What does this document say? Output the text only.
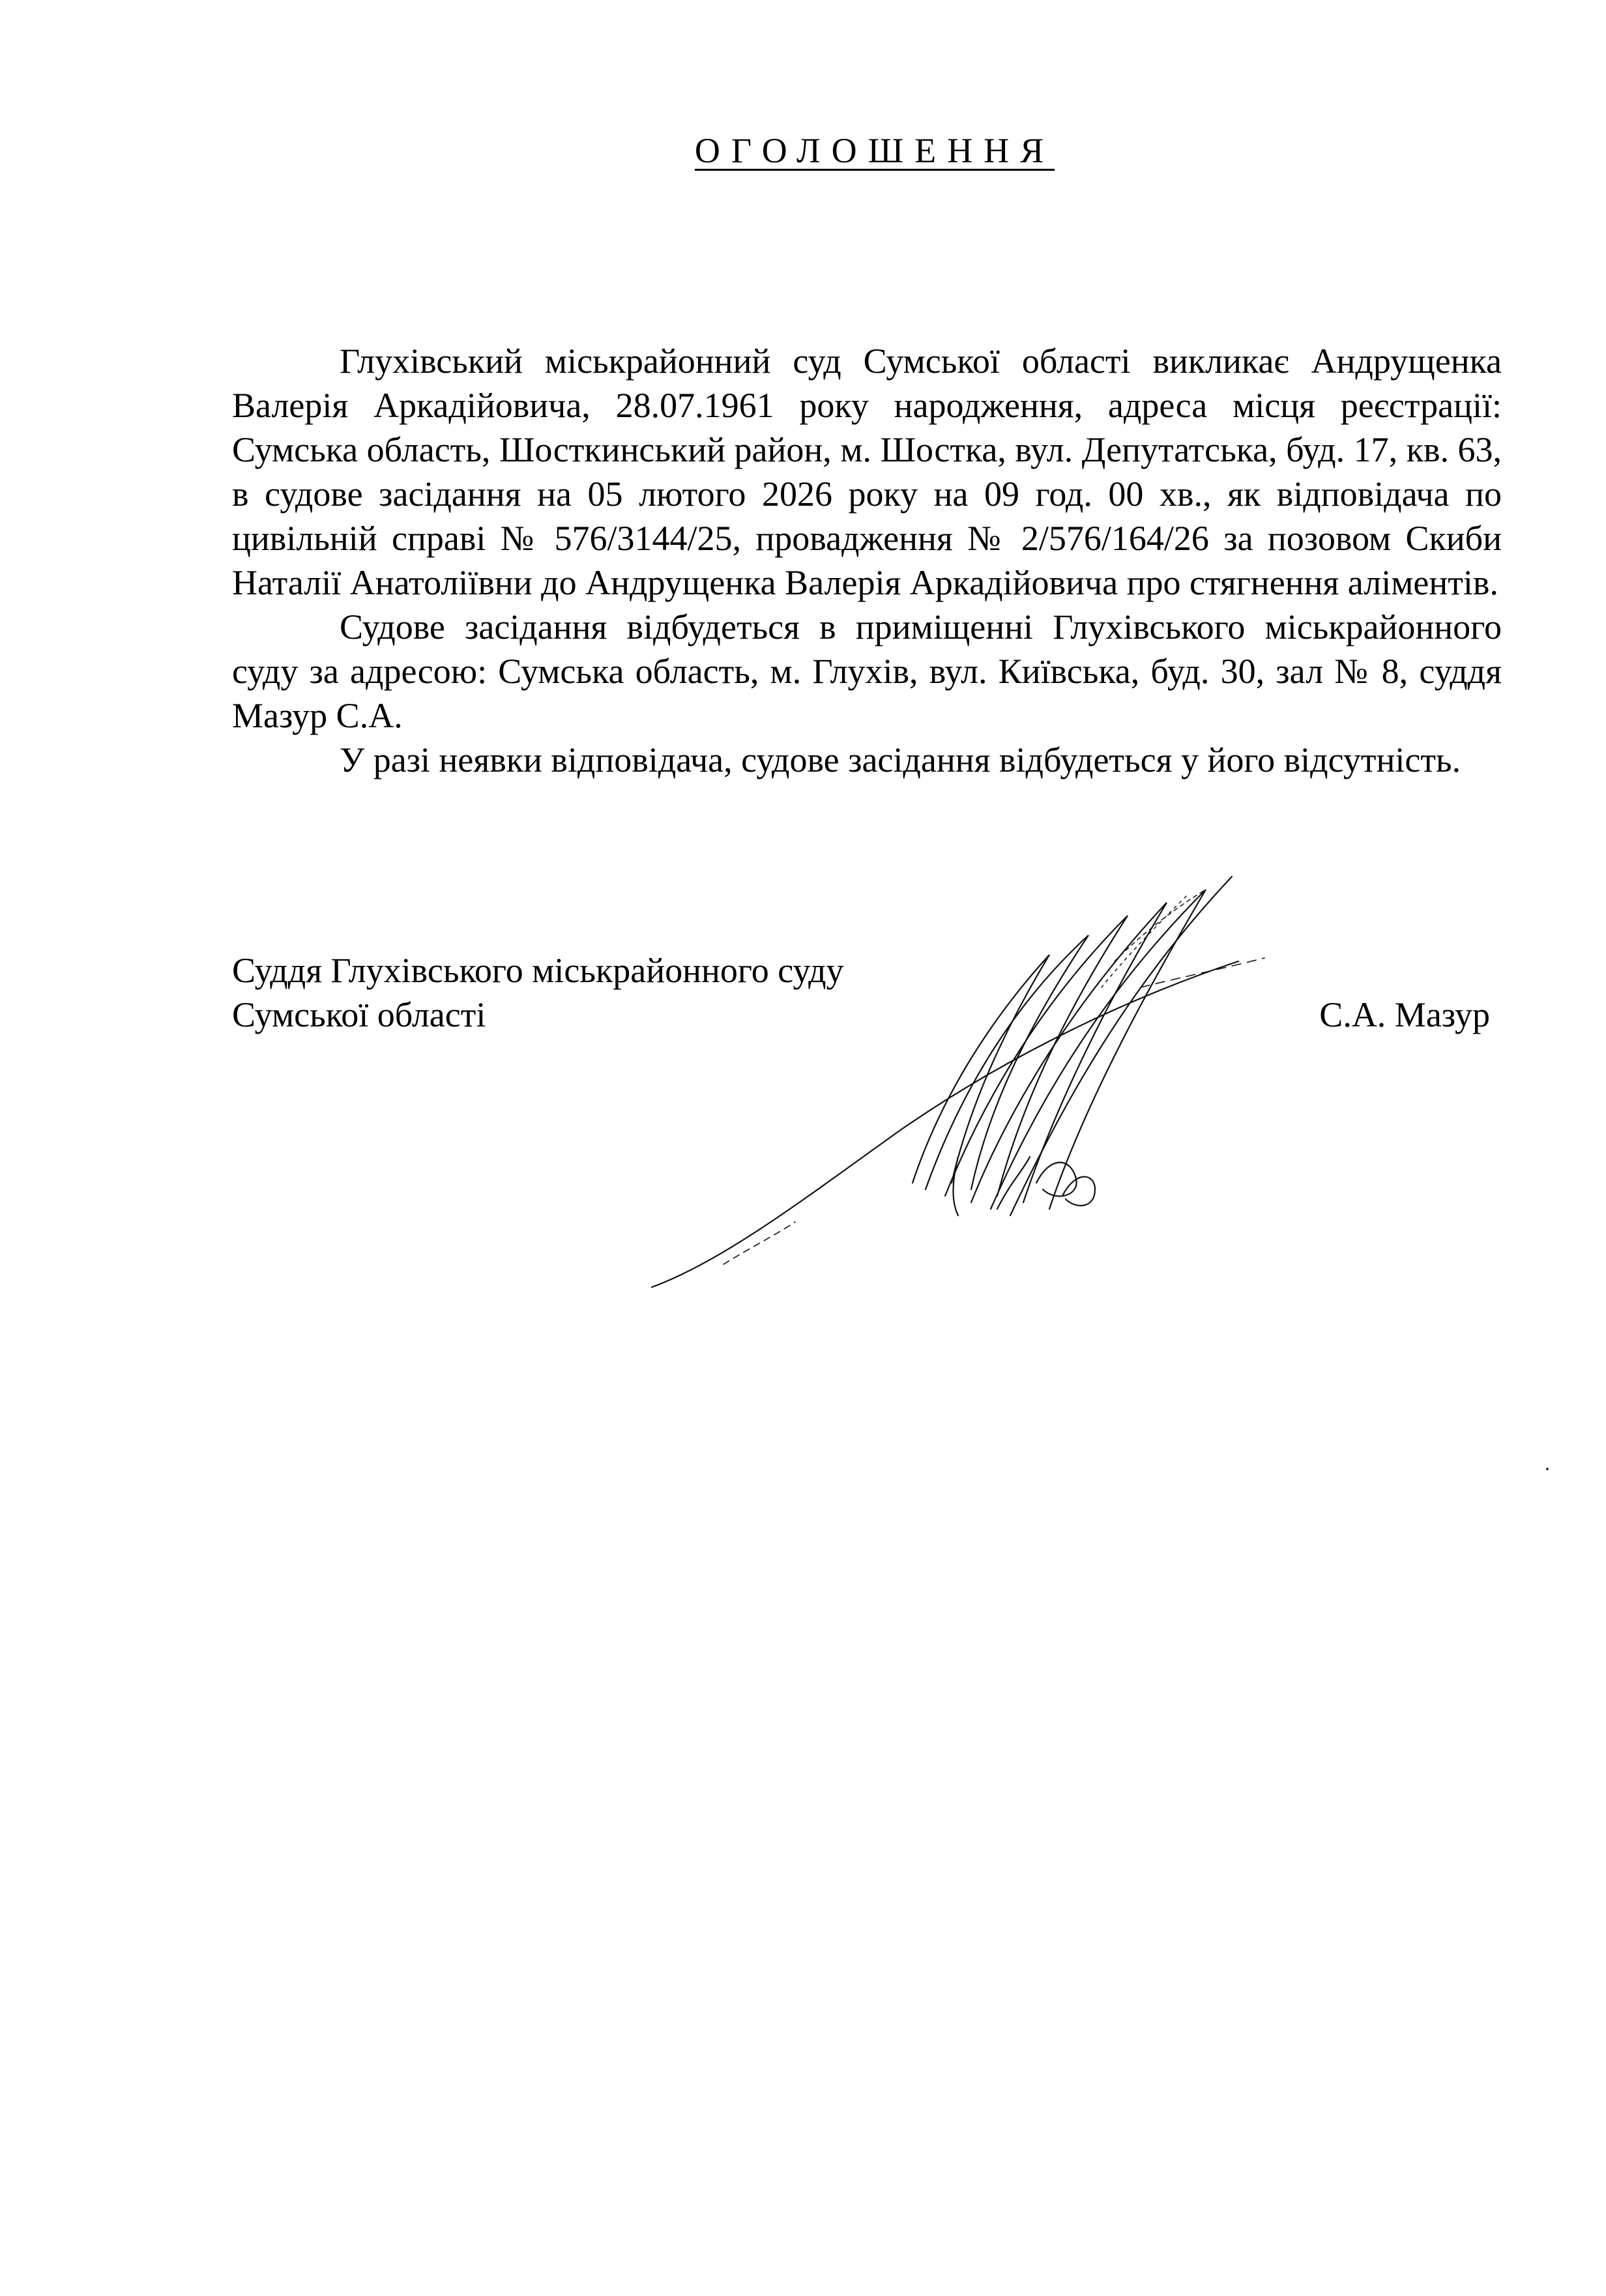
ОГОЛОШЕННЯ

Глухівський міськрайонний суд Сумської області викликає Андрущенка Валерія Аркадійовича, 28.07.1961 року народження, адреса місця реєстрації: Сумська область, Шосткинський район, м. Шостка, вул. Депутатська, буд. 17, кв. 63, в судове засідання на 05 лютого 2026 року на 09 год. 00 хв., як відповідача по цивільній справі № 576/3144/25, провадження № 2/576/164/26 за позовом Скиби Наталії Анатоліївни до Андрущенка Валерія Аркадійовича про стягнення аліментів.

Судове засідання відбудеться в приміщенні Глухівського міськрайонного суду за адресою: Сумська область, м. Глухів, вул. Київська, буд. 30, зал № 8, суддя Мазур С.А.

У разі неявки відповідача, судове засідання відбудеться у його відсутність.

Суддя Глухівського міськрайонного суду
Сумської області	С.А. Мазур
